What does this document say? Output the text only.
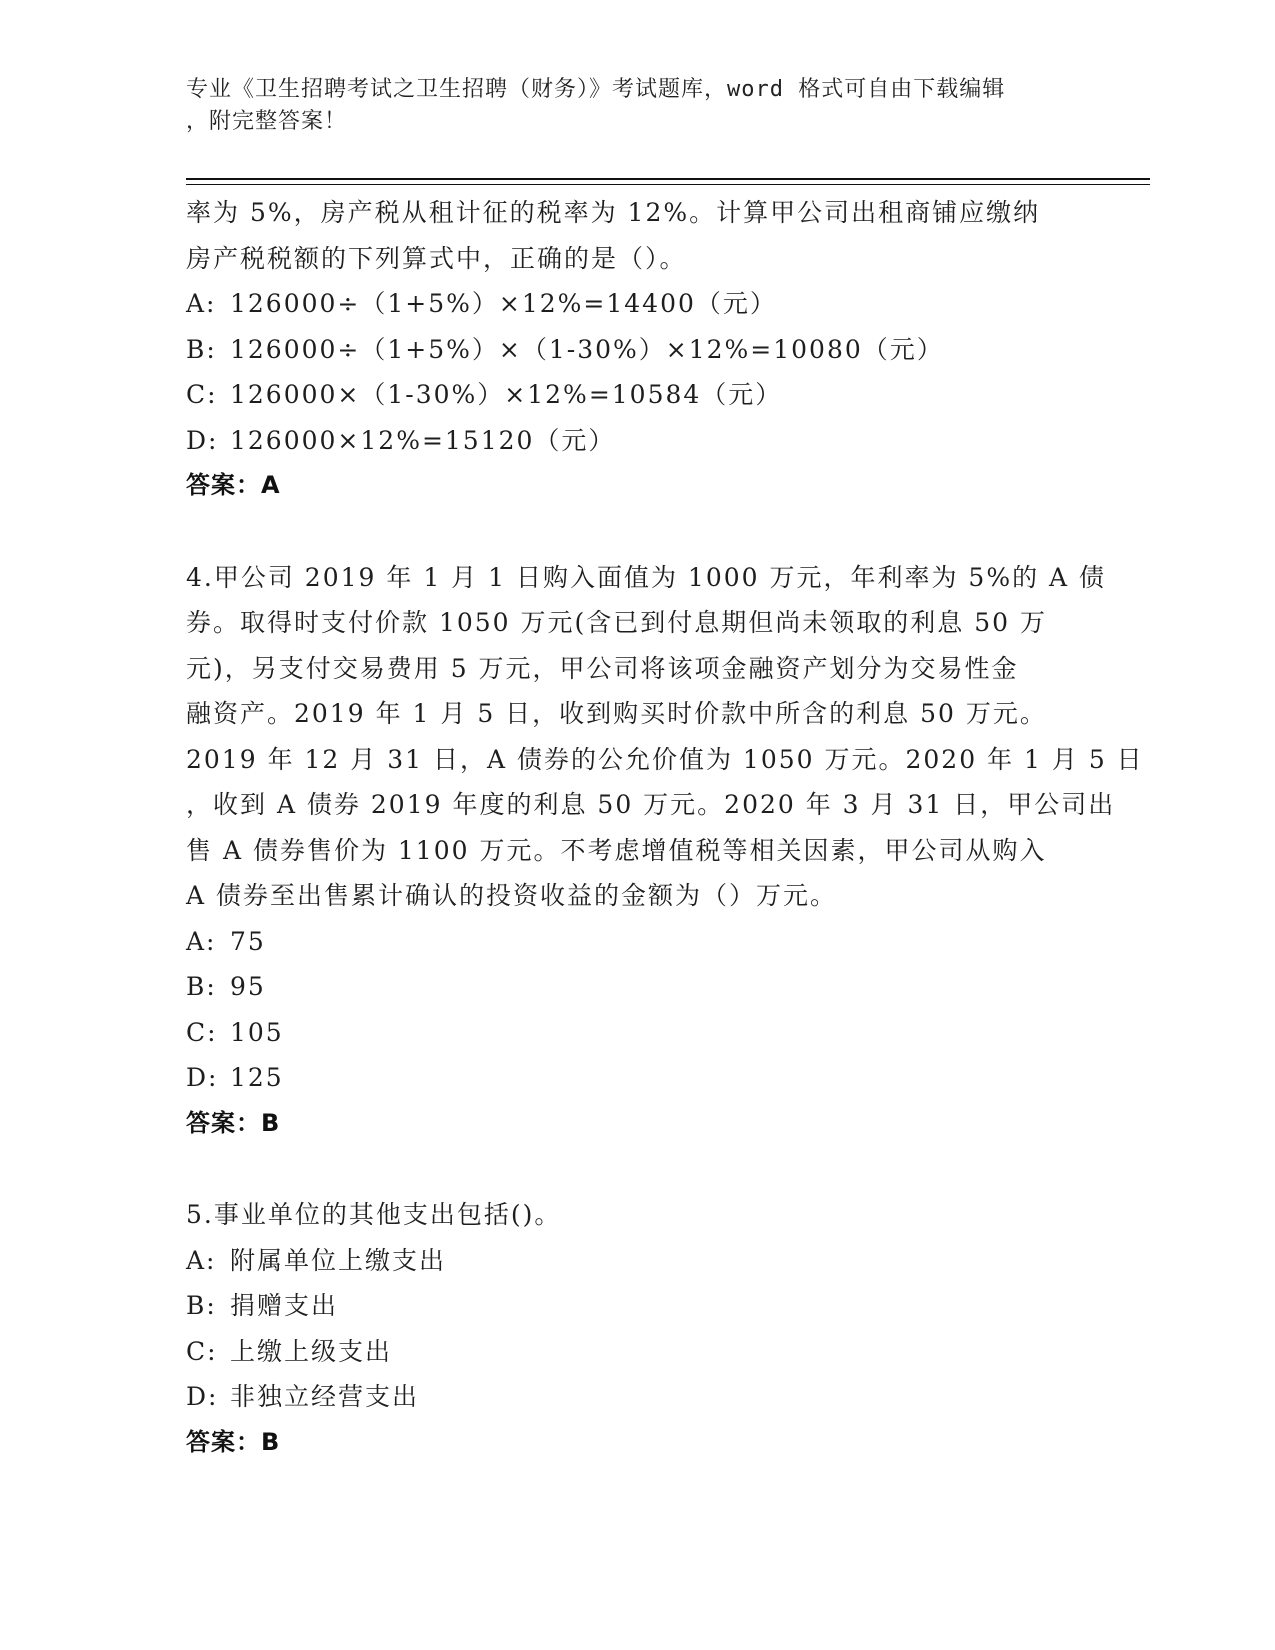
专业《卫生招聘考试之卫生招聘（财务）》考试题库，word 格式可自由下载编辑
，附完整答案！
率为 5%，房产税从租计征的税率为 12%。计算甲公司出租商铺应缴纳
房产税税额的下列算式中，正确的是（）。
A: 126000÷（1+5%）×12%=14400（元）
B: 126000÷（1+5%）×（1-30%）×12%=10080（元）
C: 126000×（1-30%）×12%=10584（元）
D: 126000×12%=15120（元）
答案：A
4.甲公司 2019 年 1 月 1 日购入面值为 1000 万元，年利率为 5%的 A 债
券。取得时支付价款 1050 万元(含已到付息期但尚未领取的利息 50 万
元)，另支付交易费用 5 万元，甲公司将该项金融资产划分为交易性金
融资产。2019 年 1 月 5 日，收到购买时价款中所含的利息 50 万元。
2019 年 12 月 31 日，A 债券的公允价值为 1050 万元。2020 年 1 月 5 日
，收到 A 债券 2019 年度的利息 50 万元。2020 年 3 月 31 日，甲公司出
售 A 债券售价为 1100 万元。不考虑增值税等相关因素，甲公司从购入
A 债券至出售累计确认的投资收益的金额为（）万元。
A: 75
B: 95
C: 105
D: 125
答案：B
5.事业单位的其他支出包括()。
A: 附属单位上缴支出
B: 捐赠支出
C: 上缴上级支出
D: 非独立经营支出
答案：B
